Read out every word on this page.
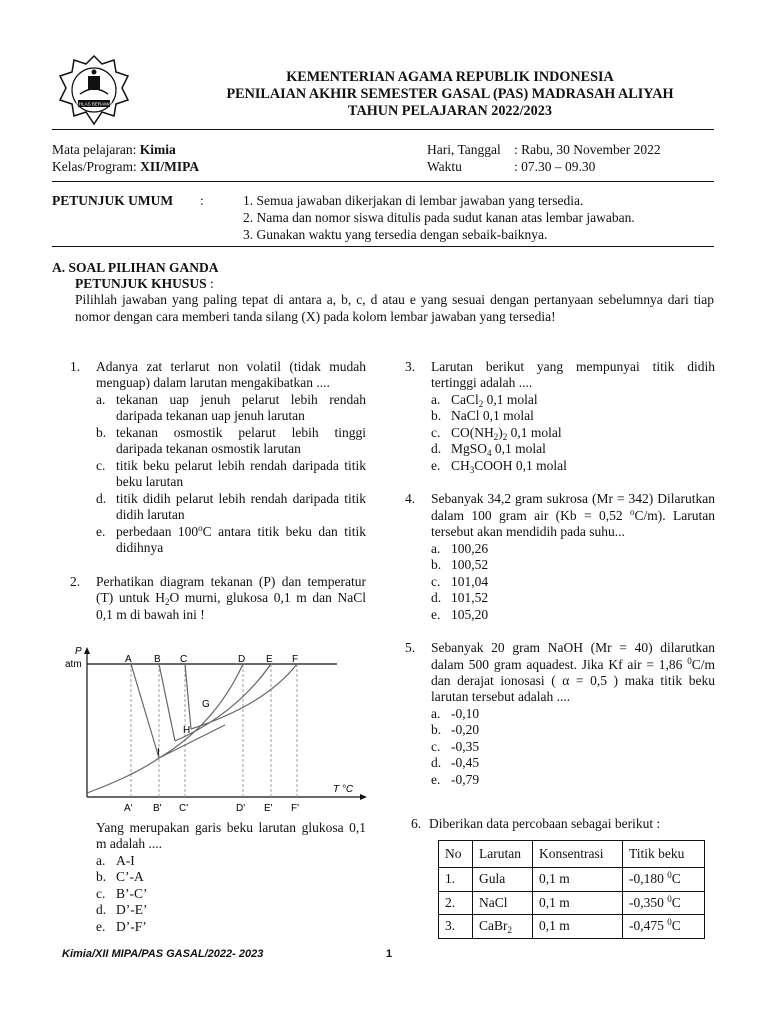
IKHLAS BERAMAL
KEMENTERIAN AGAMA REPUBLIK INDONESIA
PENILAIAN AKHIR SEMESTER GASAL (PAS) MADRASAH ALIYAH
TAHUN PELAJARAN 2022/2023
Mata pelajaran: Kimia
Kelas/Program: XII/MIPA
Hari, Tanggal : Rabu, 30 November 2022
Waktu	: 07.30 – 09.30
PETUNJUK UMUM :	1. Semua jawaban dikerjakan di lembar jawaban yang tersedia.
2. Nama dan nomor siswa ditulis pada sudut kanan atas lembar jawaban.
3. Gunakan waktu yang tersedia dengan sebaik-baiknya.
A. SOAL PILIHAN GANDA
PETUNJUK KHUSUS :
Pilihlah jawaban yang paling tepat di antara a, b, c, d atau e yang sesuai dengan pertanyaan sebelumnya dari tiap nomor dengan cara memberi tanda silang (X) pada kolom lembar jawaban yang tersedia!
1. Adanya zat terlarut non volatil (tidak mudah menguap) dalam larutan mengakibatkan ....
a. tekanan uap jenuh pelarut lebih rendah daripada tekanan uap jenuh larutan
b. tekanan osmostik pelarut lebih tinggi daripada tekanan osmostik larutan
c. titik beku pelarut lebih rendah daripada titik beku larutan
d. titik didih pelarut lebih rendah daripada titik didih larutan
e. perbedaan 100$^o$C antara titik beku dan titik didihnya
2. Perhatikan diagram tekanan (P) dan temperatur (T) untuk $H_2O$ murni, glukosa 0,1 m dan NaCl 0,1 m di bawah ini !
P
atm
T °C
A B C	D E F
A' B' C'	D' E' F'
G
H
I
Yang merupakan garis beku larutan glukosa 0,1 m adalah ....
a. A-I
b. C’-A
c. B’-C’
d. D’-E’
e. D’-F’
3. Larutan berikut yang mempunyai titik didih tertinggi adalah ....
a. CaCl$_2$ 0,1 molal
b. NaCl 0,1 molal
c. $CO(NH_2)_2$ 0,1 molal
d. MgSO$_4$ 0,1 molal
e. $CH_3COOH$ 0,1 molal
4. Sebanyak 34,2 gram sukrosa (Mr = 342) Dilarutkan dalam 100 gram air (Kb = 0,52 $^o$C/m). Larutan tersebut akan mendidih pada suhu...
a. 100,26
b. 100,52
c. 101,04
d. 101,52
e. 105,20
5. Sebanyak 20 gram NaOH (Mr = 40) dilarutkan dalam 500 gram aquadest. Jika Kf air = 1,86 $^0$C/m dan derajat ionosasi ( α = 0,5 ) maka titik beku larutan tersebut adalah ....
a. -0,10
b. -0,20
c. -0,35
d. -0,45
e. -0,79
6. Diberikan data percobaan sebagai berikut :
No	Larutan	Konsentrasi	Titik beku
1.	Gula	0,1 m	-0,180 $^0$C
2.	NaCl	0,1 m	-0,350 $^0$C
3.	CaBr$_2$	0,1 m	-0,475 $^0$C
Kimia/XII MIPA/PAS GASAL/2022- 2023	1
